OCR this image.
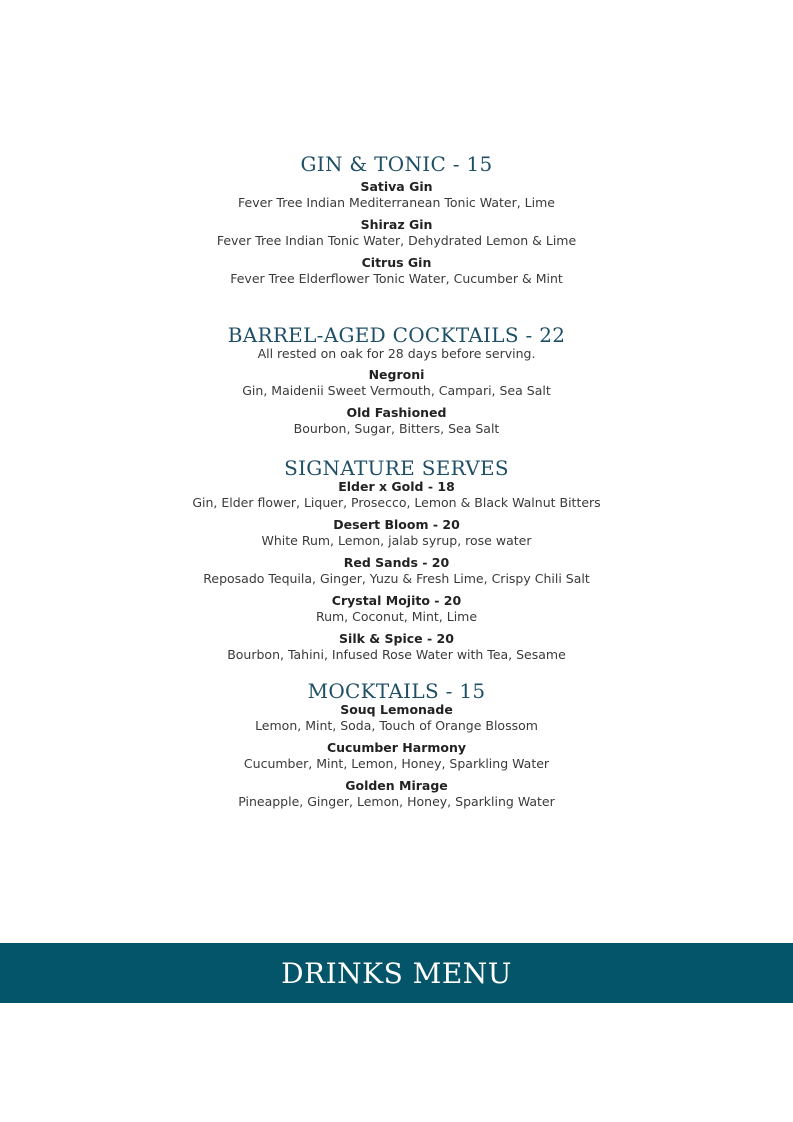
GIN & TONIC - 15
Sativa Gin
Fever Tree Indian Mediterranean Tonic Water, Lime
Shiraz Gin
Fever Tree Indian Tonic Water, Dehydrated Lemon & Lime
Citrus Gin
Fever Tree Elderflower Tonic Water, Cucumber & Mint
BARREL-AGED COCKTAILS - 22
All rested on oak for 28 days before serving.
Negroni
Gin, Maidenii Sweet Vermouth, Campari, Sea Salt
Old Fashioned
Bourbon, Sugar, Bitters, Sea Salt
SIGNATURE SERVES
Elder x Gold - 18
Gin, Elder flower, Liquer, Prosecco, Lemon & Black Walnut Bitters
Desert Bloom - 20
White Rum, Lemon, jalab syrup, rose water
Red Sands - 20
Reposado Tequila, Ginger, Yuzu & Fresh Lime, Crispy Chili Salt
Crystal Mojito - 20
Rum, Coconut, Mint, Lime
Silk & Spice - 20
Bourbon, Tahini, Infused Rose Water with Tea, Sesame
MOCKTAILS - 15
Souq Lemonade
Lemon, Mint, Soda, Touch of Orange Blossom
Cucumber Harmony
Cucumber, Mint, Lemon, Honey, Sparkling Water
Golden Mirage
Pineapple, Ginger, Lemon, Honey, Sparkling Water
DRINKS MENU
